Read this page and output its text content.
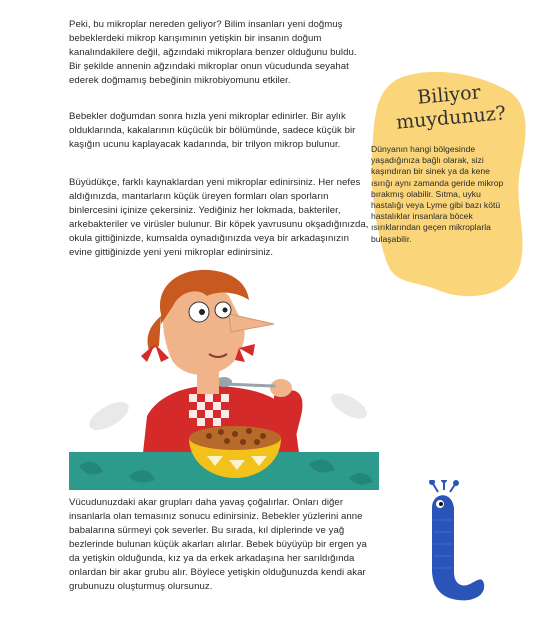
Peki, bu mikroplar nereden geliyor? Bilim insanları yeni doğmuş bebeklerdeki mikrop karışımının yetişkin bir insanın doğum kanalındakilere değil, ağzındaki mikroplara benzer olduğunu buldu. Bir şekilde annenin ağzındaki mikroplar onun vücudunda seyahat ederek doğmamış bebeğinin mikrobiyomunu etkiler.

Bebekler doğumdan sonra hızla yeni mikroplar edinirler. Bir aylık olduklarında, kakalarının küçücük bir bölümünde, sadece küçük bir kaşığın ucunu kaplayacak kadarında, bir trilyon mikrop bulunur.

Büyüdükçe, farklı kaynaklardan yeni mikroplar edinirsiniz. Her nefes aldığınızda, mantarların küçük üreyen formları olan sporların binlercesini içinize çekersiniz. Yediğiniz her lokmada, bakteriler, arkebakteriler ve virüsler bulunur. Bir köpek yavrusunu okşadığınızda, okula gittiğinizde, kumsalda oynadığınızda veya bir arkadaşınızın evine gittiğinizde yeni yeni mikroplar edinirsiniz.

Biliyor
muydunuz?

Dünyanın hangi bölgesinde yaşadığınıza bağlı olarak, sizi kaşındıran bir sinek ya da kene ısırığı aynı zamanda geride mikrop bırakmış olabilir. Sıtma, uyku hastalığı veya Lyme gibi bazı kötü hastalıklar insanlara böcek ısırıklarından geçen mikroplarla bulaşabilir.

Vücudunuzdaki akar grupları daha yavaş çoğalırlar. Onları diğer insanlarla olan temasınız sonucu edinirsiniz. Bebekler yüzlerini anne babalarına sürmeyi çok severler. Bu sırada, kıl diplerinde ve yağ bezlerinde bulunan küçük akarları alırlar. Bebek büyüyüp bir ergen ya da yetişkin olduğunda, kız ya da erkek arkadaşına her sarıldığında onlardan bir akar grubu alır. Böylece yetişkin olduğunuzda kendi akar grubunuzu oluşturmuş olursunuz.
